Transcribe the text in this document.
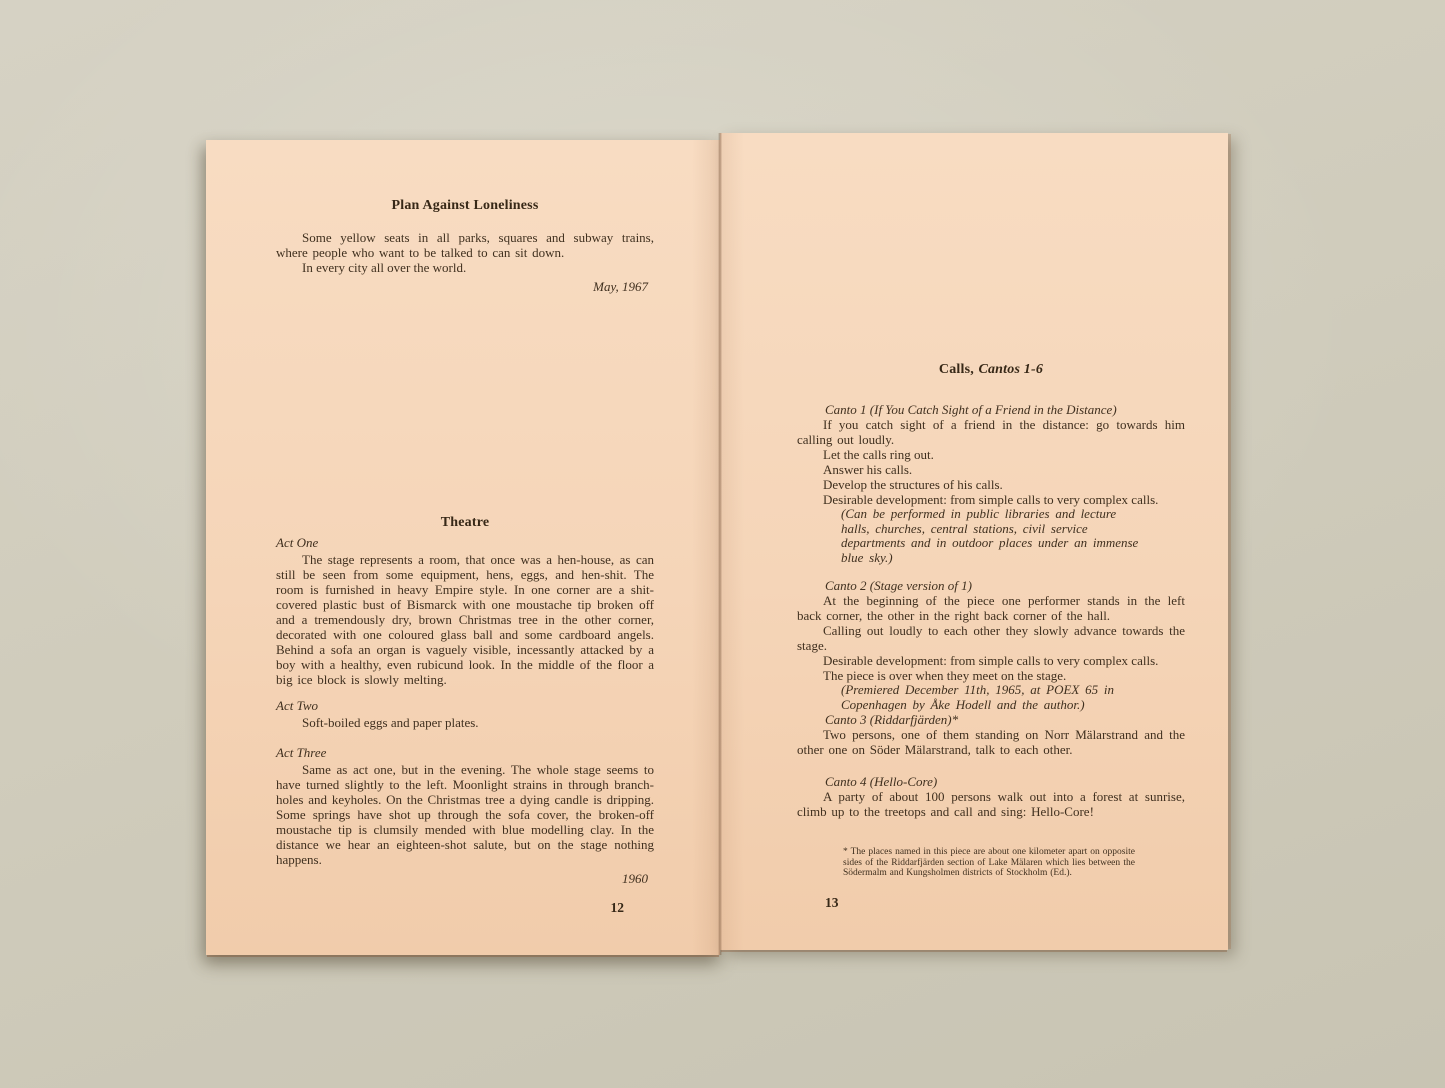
Plan Against Loneliness

Some yellow seats in all parks, squares and subway trains, where people who want to be talked to can sit down.

In every city all over the world.

May, 1967

Theatre

Act One

The stage represents a room, that once was a hen-house, as can still be seen from some equipment, hens, eggs, and hen-shit. The room is furnished in heavy Empire style. In one corner are a shit-covered plastic bust of Bismarck with one moustache tip broken off and a tremendously dry, brown Christmas tree in the other corner, decorated with one coloured glass ball and some cardboard angels. Behind a sofa an organ is vaguely visible, incessantly attacked by a boy with a healthy, even rubicund look. In the middle of the floor a big ice block is slowly melting.

Act Two

Soft-boiled eggs and paper plates.

Act Three

Same as act one, but in the evening. The whole stage seems to have turned slightly to the left. Moonlight strains in through branch-holes and keyholes. On the Christmas tree a dying candle is dripping. Some springs have shot up through the sofa cover, the broken-off moustache tip is clumsily mended with blue modelling clay. In the distance we hear an eighteen-shot salute, but on the stage nothing happens.

1960

12

Calls, Cantos 1-6

Canto 1 (If You Catch Sight of a Friend in the Distance)

If you catch sight of a friend in the distance: go towards him calling out loudly.

Let the calls ring out.

Answer his calls.

Develop the structures of his calls.

Desirable development: from simple calls to very complex calls.

(Can be performed in public libraries and lecture halls, churches, central stations, civil service departments and in outdoor places under an immense blue sky.)

Canto 2 (Stage version of 1)

At the beginning of the piece one performer stands in the left back corner, the other in the right back corner of the hall.

Calling out loudly to each other they slowly advance towards the stage.

Desirable development: from simple calls to very complex calls.

The piece is over when they meet on the stage.

(Premiered December 11th, 1965, at POEX 65 in Copenhagen by Åke Hodell and the author.)

Canto 3 (Riddarfjärden)*

Two persons, one of them standing on Norr Mälarstrand and the other one on Söder Mälarstrand, talk to each other.

Canto 4 (Hello-Core)

A party of about 100 persons walk out into a forest at sunrise, climb up to the treetops and call and sing: Hello-Core!

* The places named in this piece are about one kilometer apart on opposite sides of the Riddarfjärden section of Lake Mälaren which lies between the Södermalm and Kungsholmen districts of Stockholm (Ed.).

13
